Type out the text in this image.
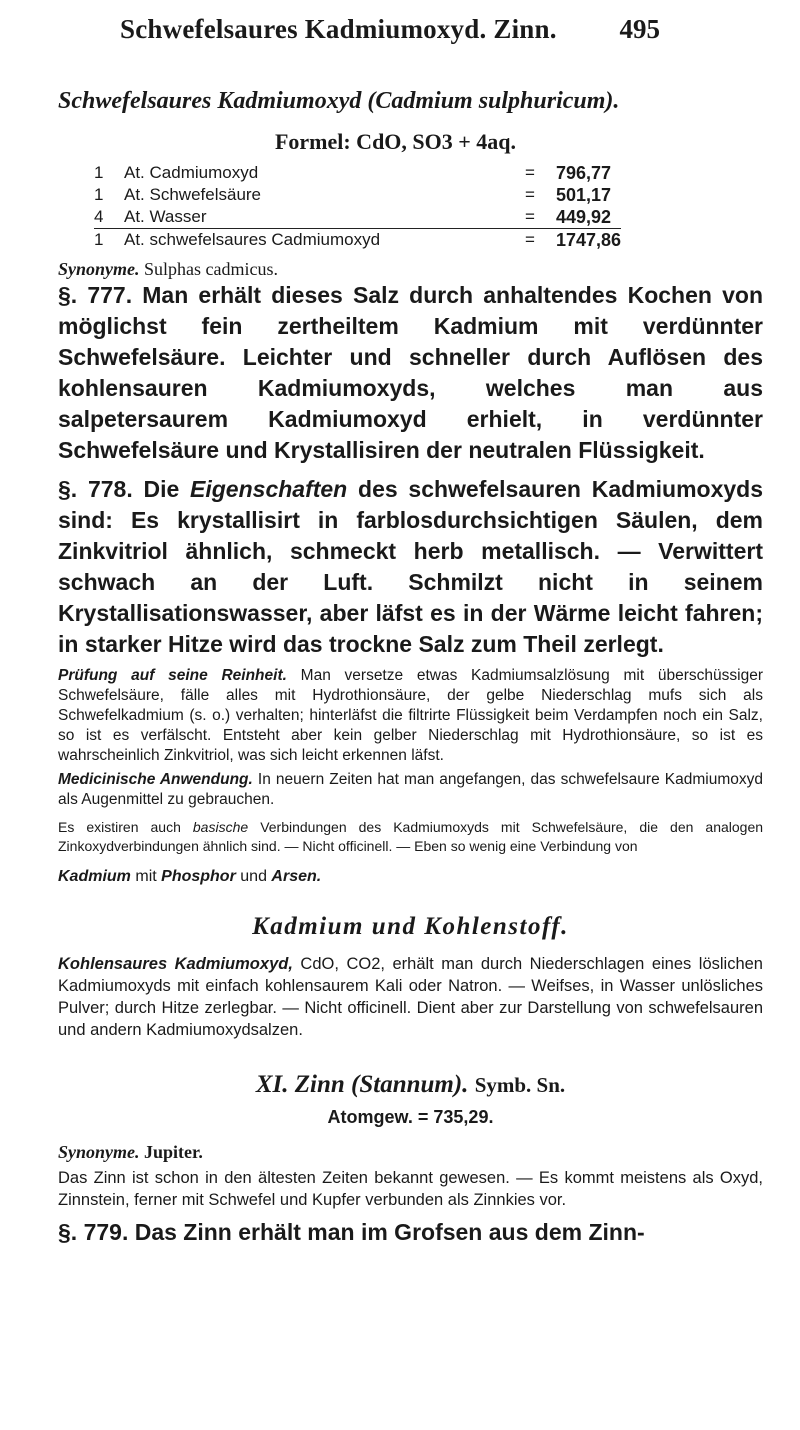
Schwefelsaures Kadmiumoxyd. Zinn. 495

Schwefelsaures Kadmiumoxyd (Cadmium sulphuricum).

Formel: CdO, SO3 + 4aq.

1	At. Cadmiumoxyd	=	796,77
1	At. Schwefelsäure	=	501,17
4	At. Wasser	=	449,92
1	At. schwefelsaures Cadmiumoxyd	=	1747,86

Synonyme. Sulphas cadmicus.

§. 777. Man erhält dieses Salz durch anhaltendes Kochen von möglichst fein zertheiltem Kadmium mit verdünnter Schwefelsäure. Leichter und schneller durch Auflösen des kohlensauren Kadmiumoxyds, welches man aus salpetersaurem Kadmiumoxyd erhielt, in verdünnter Schwefelsäure und Krystallisiren der neutralen Flüssigkeit.

§. 778. Die Eigenschaften des schwefelsauren Kadmiumoxyds sind: Es krystallisirt in farblosdurchsichtigen Säulen, dem Zinkvitriol ähnlich, schmeckt herb metallisch. — Verwittert schwach an der Luft. Schmilzt nicht in seinem Krystallisationswasser, aber läfst es in der Wärme leicht fahren; in starker Hitze wird das trockne Salz zum Theil zerlegt.

Prüfung auf seine Reinheit. Man versetze etwas Kadmiumsalzlösung mit überschüssiger Schwefelsäure, fälle alles mit Hydrothionsäure, der gelbe Niederschlag mufs sich als Schwefelkadmium (s. o.) verhalten; hinterläfst die filtrirte Flüssigkeit beim Verdampfen noch ein Salz, so ist es verfälscht. Entsteht aber kein gelber Niederschlag mit Hydrothionsäure, so ist es wahrscheinlich Zinkvitriol, was sich leicht erkennen läfst.

Medicinische Anwendung. In neuern Zeiten hat man angefangen, das schwefelsaure Kadmiumoxyd als Augenmittel zu gebrauchen.

Es existiren auch basische Verbindungen des Kadmiumoxyds mit Schwefelsäure, die den analogen Zinkoxydverbindungen ähnlich sind. — Nicht officinell. — Eben so wenig eine Verbindung von

Kadmium mit Phosphor und Arsen.

Kadmium und Kohlenstoff.

Kohlensaures Kadmiumoxyd, CdO, CO2, erhält man durch Niederschlagen eines löslichen Kadmiumoxyds mit einfach kohlensaurem Kali oder Natron. — Weifses, in Wasser unlösliches Pulver; durch Hitze zerlegbar. — Nicht officinell. Dient aber zur Darstellung von schwefelsauren und andern Kadmiumoxydsalzen.

XI. Zinn (Stannum). Symb. Sn.

Atomgew. = 735,29.

Synonyme. Jupiter.

Das Zinn ist schon in den ältesten Zeiten bekannt gewesen. — Es kommt meistens als Oxyd, Zinnstein, ferner mit Schwefel und Kupfer verbunden als Zinnkies vor.

§. 779. Das Zinn erhält man im Grofsen aus dem Zinn-
